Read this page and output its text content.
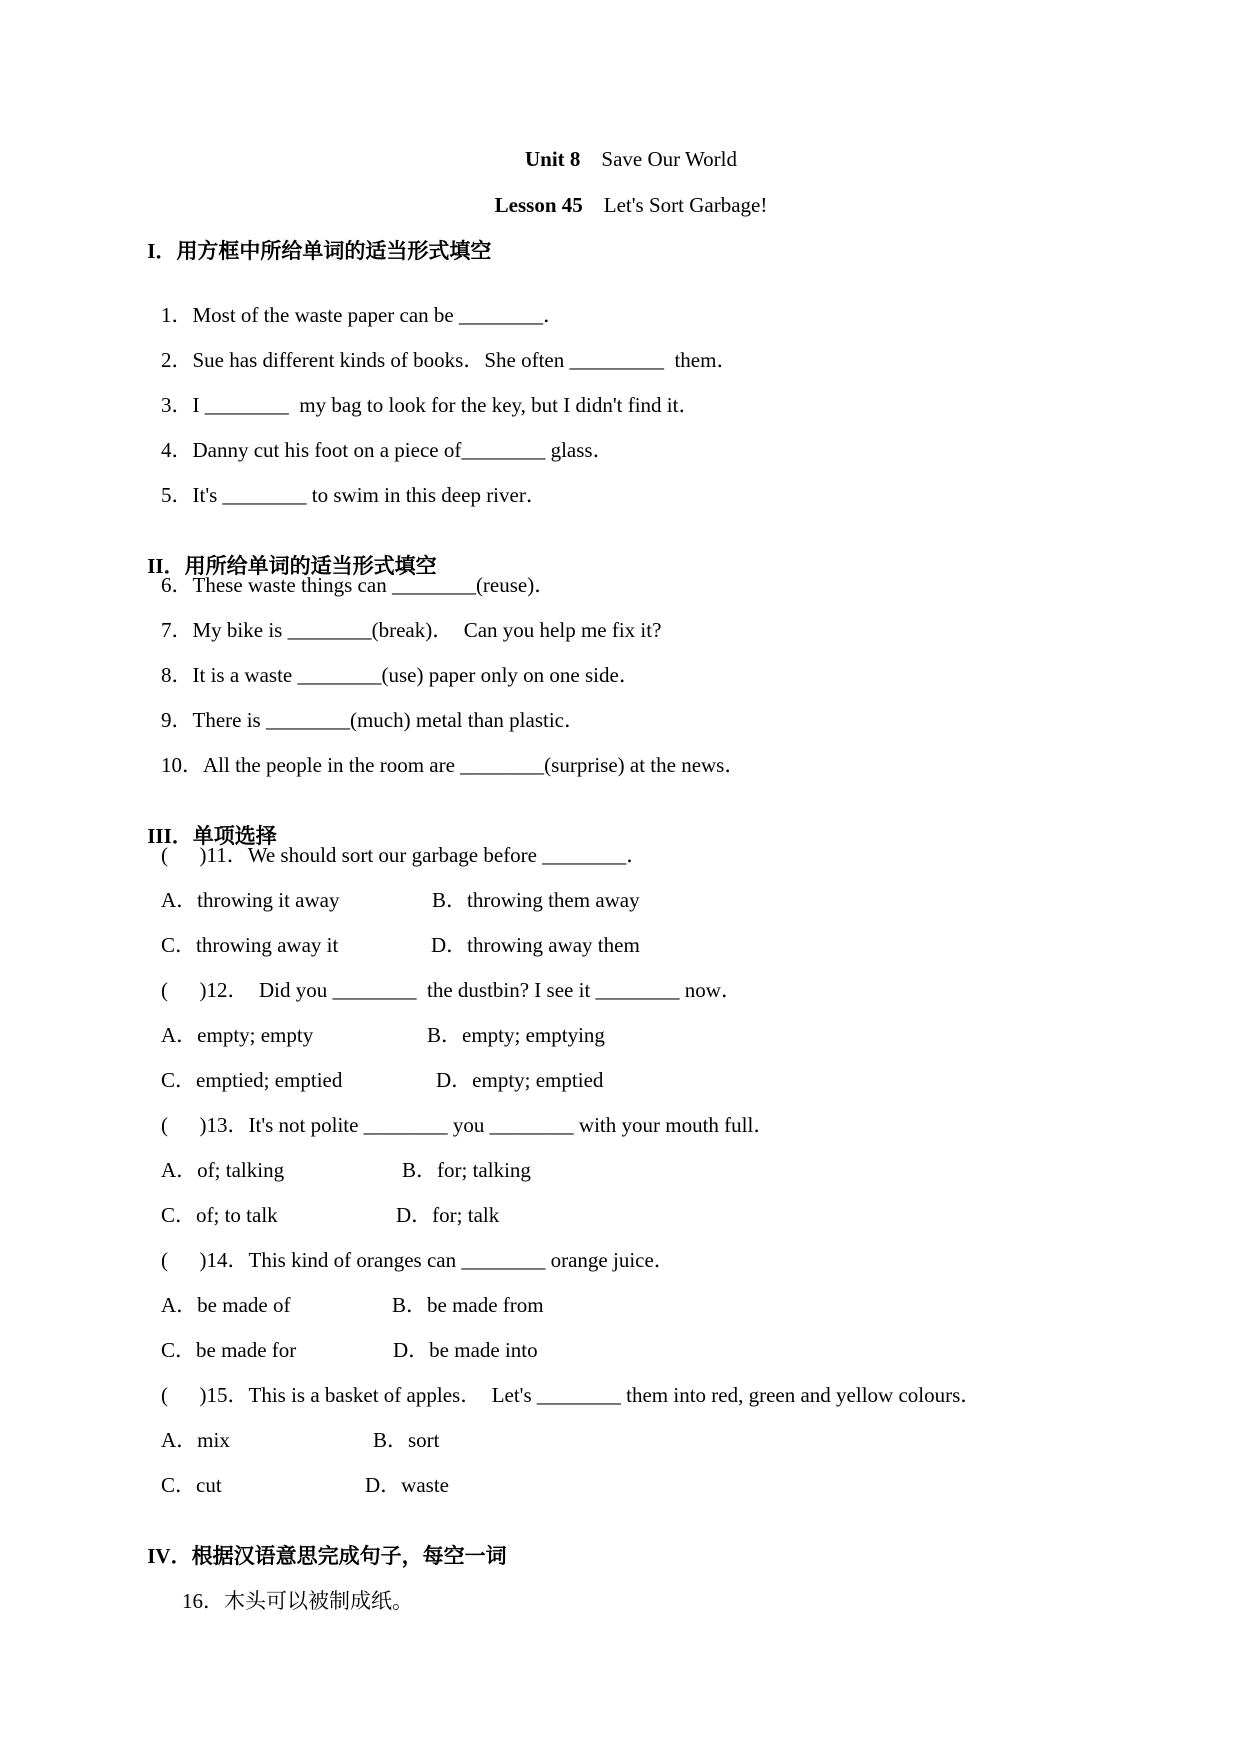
Unit 8 Save Our World

Lesson 45 Let's Sort Garbage!

I．用方框中所给单词的适当形式填空

1．Most of the waste paper can be ________．
2．Sue has different kinds of books．She often _________  them．
3．I ________  my bag to look for the key, but I didn't find it．
4．Danny cut his foot on a piece of________ glass．
5．It's ________ to swim in this deep river．

II．用所给单词的适当形式填空

6．These waste things can ________(reuse)．
7．My bike is ________(break)．  Can you help me fix it?
8．It is a waste ________(use) paper only on one side．
9．There is ________(much) metal than plastic．
10．All the people in the room are ________(surprise) at the news．

III．单项选择

(      )11．We should sort our garbage before ________．
A．throwing it away	B．throwing them away
C．throwing away it	D．throwing away them
(      )12．  Did you ________  the dustbin? I see it ________ now．
A．empty; empty	B．empty; emptying
C．emptied; emptied	D．empty; emptied
(      )13．It's not polite ________ you ________ with your mouth full．
A．of; talking	B．for; talking
C．of; to talk	D．for; talk
(      )14．This kind of oranges can ________ orange juice．
A．be made of	B．be made from
C．be made for	D．be made into
(      )15．This is a basket of apples．  Let's ________ them into red, green and yellow colours．
A．mix	B．sort
C．cut	D．waste

IV．根据汉语意思完成句子，每空一词

16．木头可以被制成纸。
